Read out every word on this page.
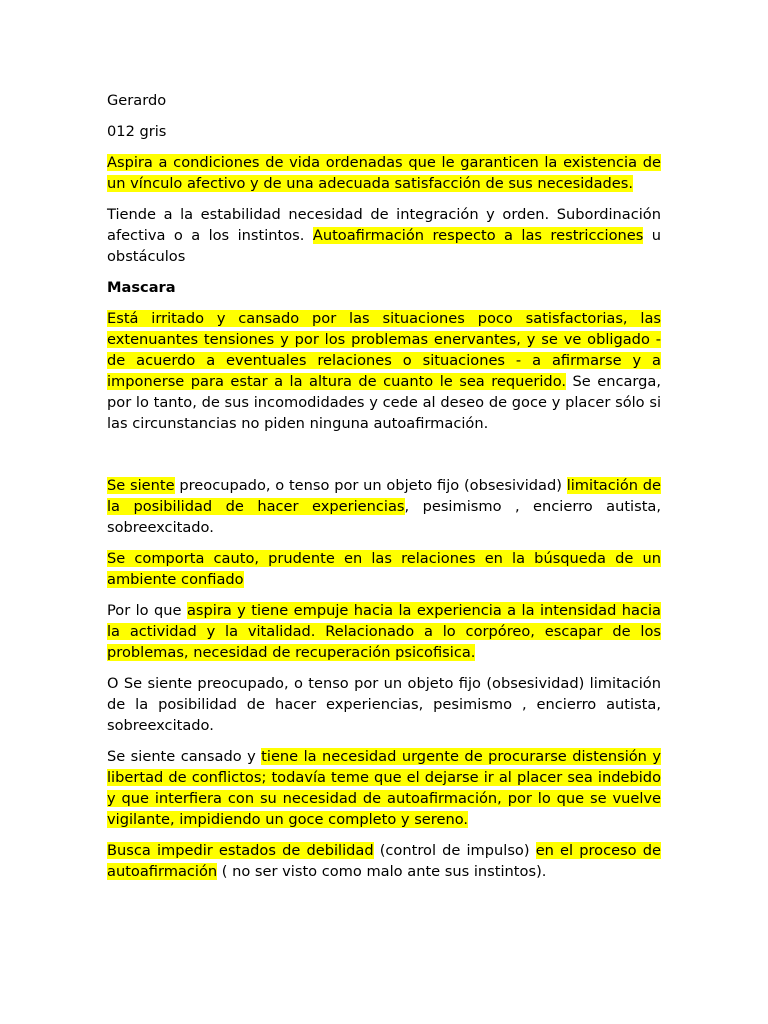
Gerardo

012 gris

Aspira a condiciones de vida ordenadas que le garanticen la existencia de un vínculo afectivo y de una adecuada satisfacción de sus necesidades.

Tiende a la estabilidad necesidad de integración y orden. Subordinación afectiva o a los instintos. Autoafirmación respecto a las restricciones u obstáculos

Mascara

Está irritado y cansado por las situaciones poco satisfactorias, las extenuantes tensiones y por los problemas enervantes, y se ve obligado - de acuerdo a eventuales relaciones o situaciones - a afirmarse y a imponerse para estar a la altura de cuanto le sea requerido. Se encarga, por lo tanto, de sus incomodidades y cede al deseo de goce y placer sólo si las circunstancias no piden ninguna autoafirmación.

Se siente preocupado, o tenso por un objeto fijo (obsesividad) limitación de la posibilidad de hacer experiencias, pesimismo , encierro autista, sobreexcitado.

Se comporta cauto, prudente en las relaciones en la búsqueda de un ambiente confiado

Por lo que aspira y tiene empuje hacia la experiencia a la intensidad hacia la actividad y la vitalidad. Relacionado a lo corpóreo, escapar de los problemas, necesidad de recuperación psicofisica.

O Se siente preocupado, o tenso por un objeto fijo (obsesividad) limitación de la posibilidad de hacer experiencias, pesimismo , encierro autista, sobreexcitado.

Se siente cansado y tiene la necesidad urgente de procurarse distensión y libertad de conflictos; todavía teme que el dejarse ir al placer sea indebido y que interfiera con su necesidad de autoafirmación, por lo que se vuelve vigilante, impidiendo un goce completo y sereno.

Busca impedir estados de debilidad (control de impulso) en el proceso de autoafirmación ( no ser visto como malo ante sus instintos).
